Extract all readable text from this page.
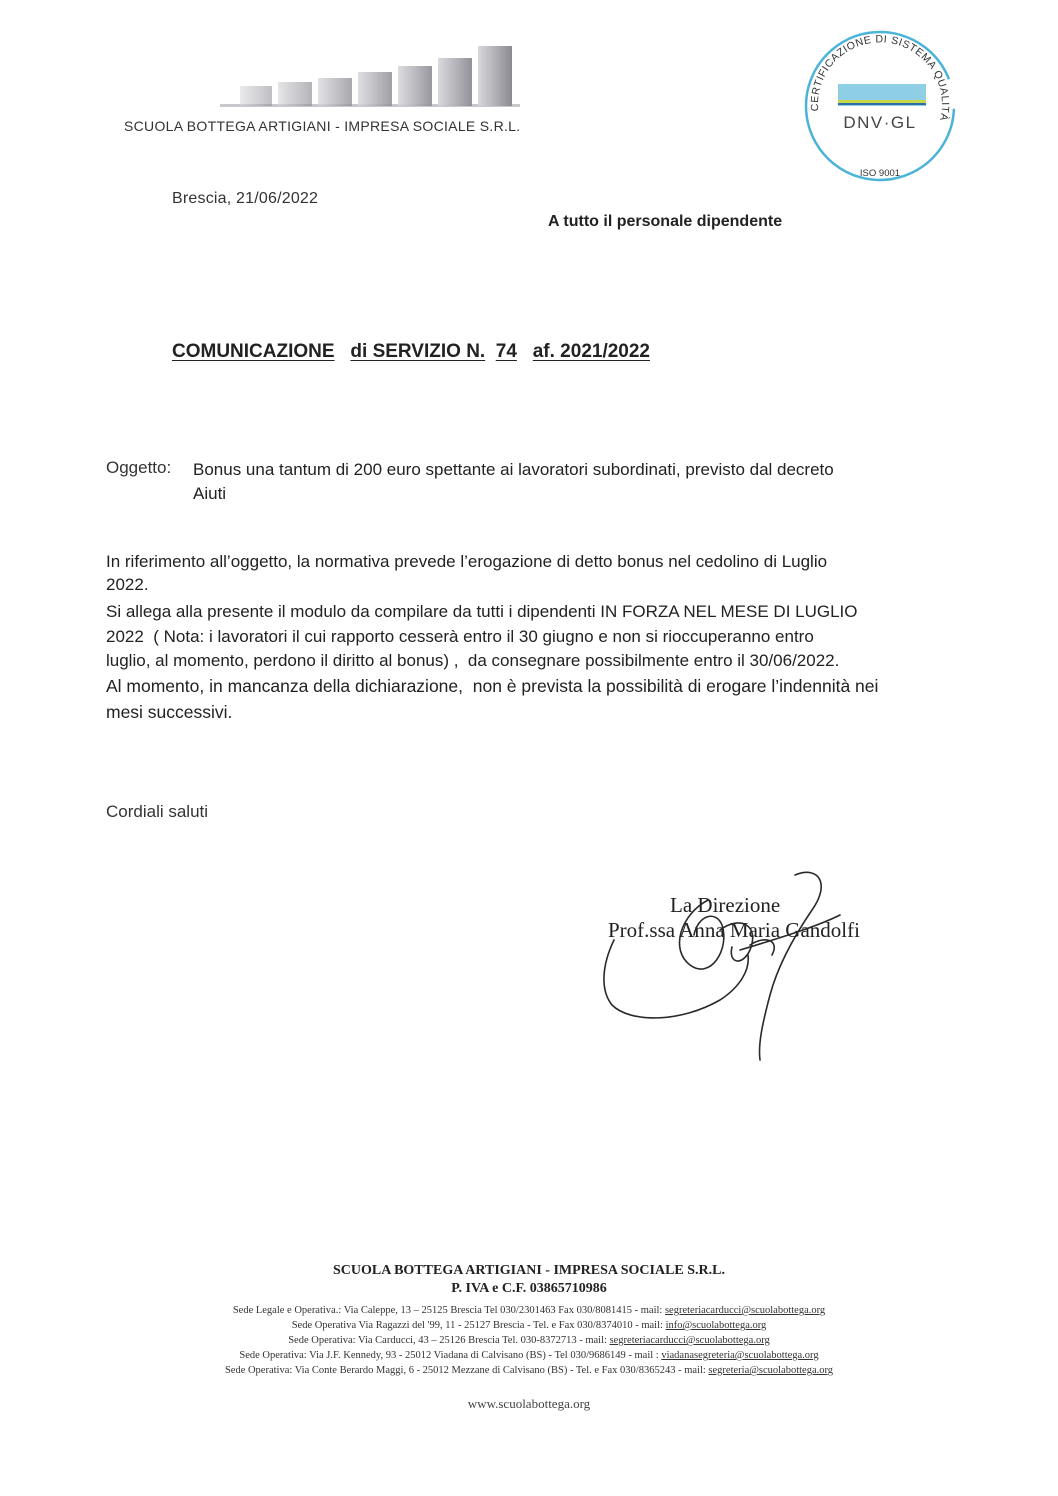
SCUOLA BOTTEGA ARTIGIANI - IMPRESA SOCIALE S.R.L.
CERTIFICAZIONE DI SISTEMA QUALITÀ
DNV·GL
ISO 9001
Brescia, 21/06/2022
A tutto il personale dipendente
COMUNICAZIONE di SERVIZIO N. 74 af. 2021/2022
Oggetto: Bonus una tantum di 200 euro spettante ai lavoratori subordinati, previsto dal decreto
Aiuti
In riferimento all’oggetto, la normativa prevede l’erogazione di detto bonus nel cedolino di Luglio
2022.
Si allega alla presente il modulo da compilare da tutti i dipendenti IN FORZA NEL MESE DI LUGLIO
2022  ( Nota: i lavoratori il cui rapporto cesserà entro il 30 giugno e non si rioccuperanno entro
luglio, al momento, perdono il diritto al bonus) ,  da consegnare possibilmente entro il 30/06/2022.
Al momento, in mancanza della dichiarazione,  non è prevista la possibilità di erogare l’indennità nei
mesi successivi.
Cordiali saluti
La Direzione
Prof.ssa Anna Maria Gandolfi
SCUOLA BOTTEGA ARTIGIANI - IMPRESA SOCIALE S.R.L.
P. IVA e C.F. 03865710986
Sede Legale e Operativa.: Via Caleppe, 13 – 25125 Brescia Tel 030/2301463 Fax 030/8081415 - mail: segreteriacarducci@scuolabottega.org
Sede Operativa Via Ragazzi del '99, 11 - 25127 Brescia - Tel. e Fax 030/8374010 - mail: info@scuolabottega.org
Sede Operativa: Via Carducci, 43 – 25126 Brescia Tel. 030-8372713 - mail: segreteriacarducci@scuolabottega.org
Sede Operativa: Via J.F. Kennedy, 93 - 25012 Viadana di Calvisano (BS) - Tel 030/9686149 - mail : viadanasegreteria@scuolabottega.org
Sede Operativa: Via Conte Berardo Maggi, 6 - 25012 Mezzane di Calvisano (BS) - Tel. e Fax 030/8365243 - mail: segreteria@scuolabottega.org
www.scuolabottega.org
